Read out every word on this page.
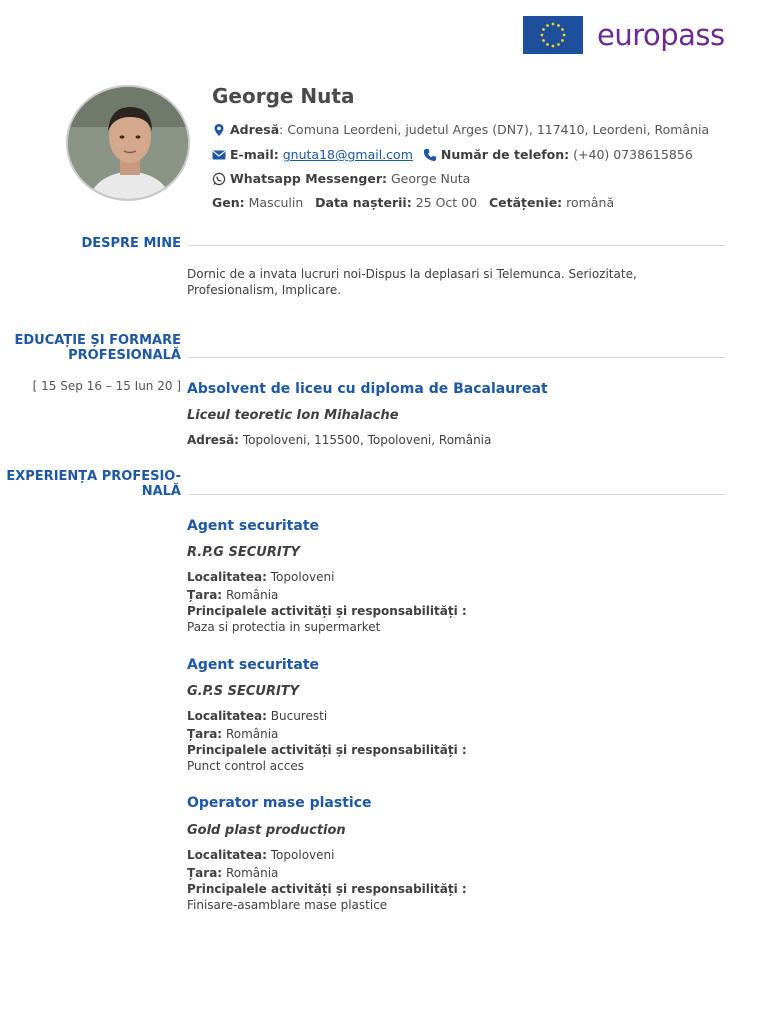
europass
George Nuta
Adresă : Comuna Leordeni, judetul Arges (DN7), 117410, Leordeni, România
E-mail:
gnuta18@gmail.com Număr de telefon:
(+40) 0738615856
Whatsapp Messenger:
George Nuta
Gen:
Masculin
Data nașterii:
25 Oct 00
Cetățenie:
română
DESPRE MINE
Dornic de a invata lucruri noi-Dispus la deplasari si Telemunca. Seriozitate,
Profesionalism, Implicare.
EDUCAȚIE ȘI FORMARE
PROFESIONALĂ
[ 15 Sep 16 – 15 Iun 20 ] Absolvent de liceu cu diploma de Bacalaureat
Liceul teoretic Ion Mihalache
Adresă: Topoloveni, 115500, Topoloveni, România
EXPERIENȚA PROFESIO-
NALĂ
Agent securitate
R.P.G SECURITY
Localitatea: Topoloveni
Țara: România
Principalele activități și responsabilități :
Paza si protectia in supermarket
Agent securitate
G.P.S SECURITY
Localitatea: Bucuresti
Țara: România
Principalele activități și responsabilități :
Punct control acces
Operator mase plastice
Gold plast production
Localitatea: Topoloveni
Țara: România
Principalele activități și responsabilități :
Finisare-asamblare mase plastice
